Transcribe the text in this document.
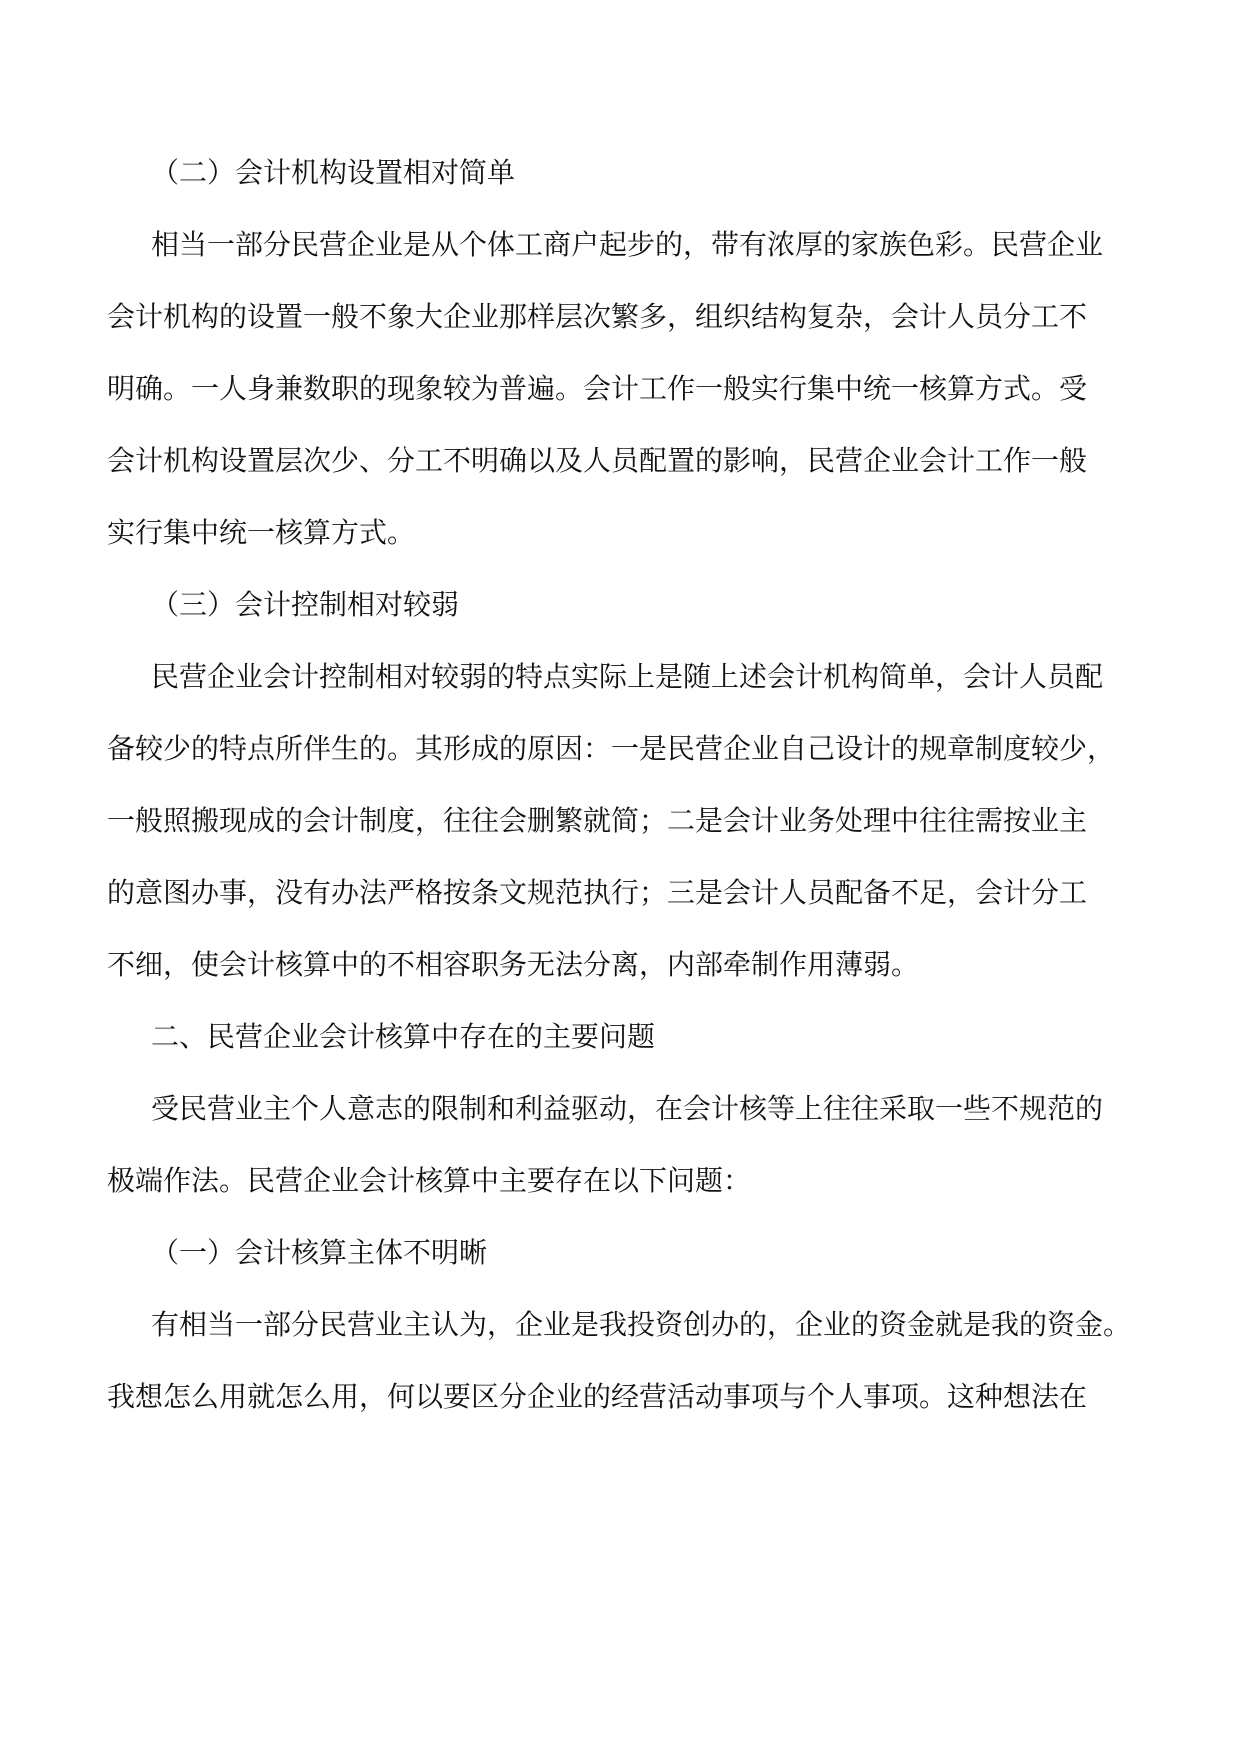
（二）会计机构设置相对简单
相当一部分民营企业是从个体工商户起步的，带有浓厚的家族色彩。民营企业
会计机构的设置一般不象大企业那样层次繁多，组织结构复杂，会计人员分工不
明确。一人身兼数职的现象较为普遍。会计工作一般实行集中统一核算方式。受
会计机构设置层次少、分工不明确以及人员配置的影响，民营企业会计工作一般
实行集中统一核算方式。
（三）会计控制相对较弱
民营企业会计控制相对较弱的特点实际上是随上述会计机构简单，会计人员配
备较少的特点所伴生的。其形成的原因：一是民营企业自己设计的规章制度较少，
一般照搬现成的会计制度，往往会删繁就简；二是会计业务处理中往往需按业主
的意图办事，没有办法严格按条文规范执行；三是会计人员配备不足，会计分工
不细，使会计核算中的不相容职务无法分离，内部牵制作用薄弱。
二、民营企业会计核算中存在的主要问题
受民营业主个人意志的限制和利益驱动，在会计核等上往往采取一些不规范的
极端作法。民营企业会计核算中主要存在以下问题：
（一）会计核算主体不明晰
有相当一部分民营业主认为，企业是我投资创办的，企业的资金就是我的资金。
我想怎么用就怎么用，何以要区分企业的经营活动事项与个人事项。这种想法在
